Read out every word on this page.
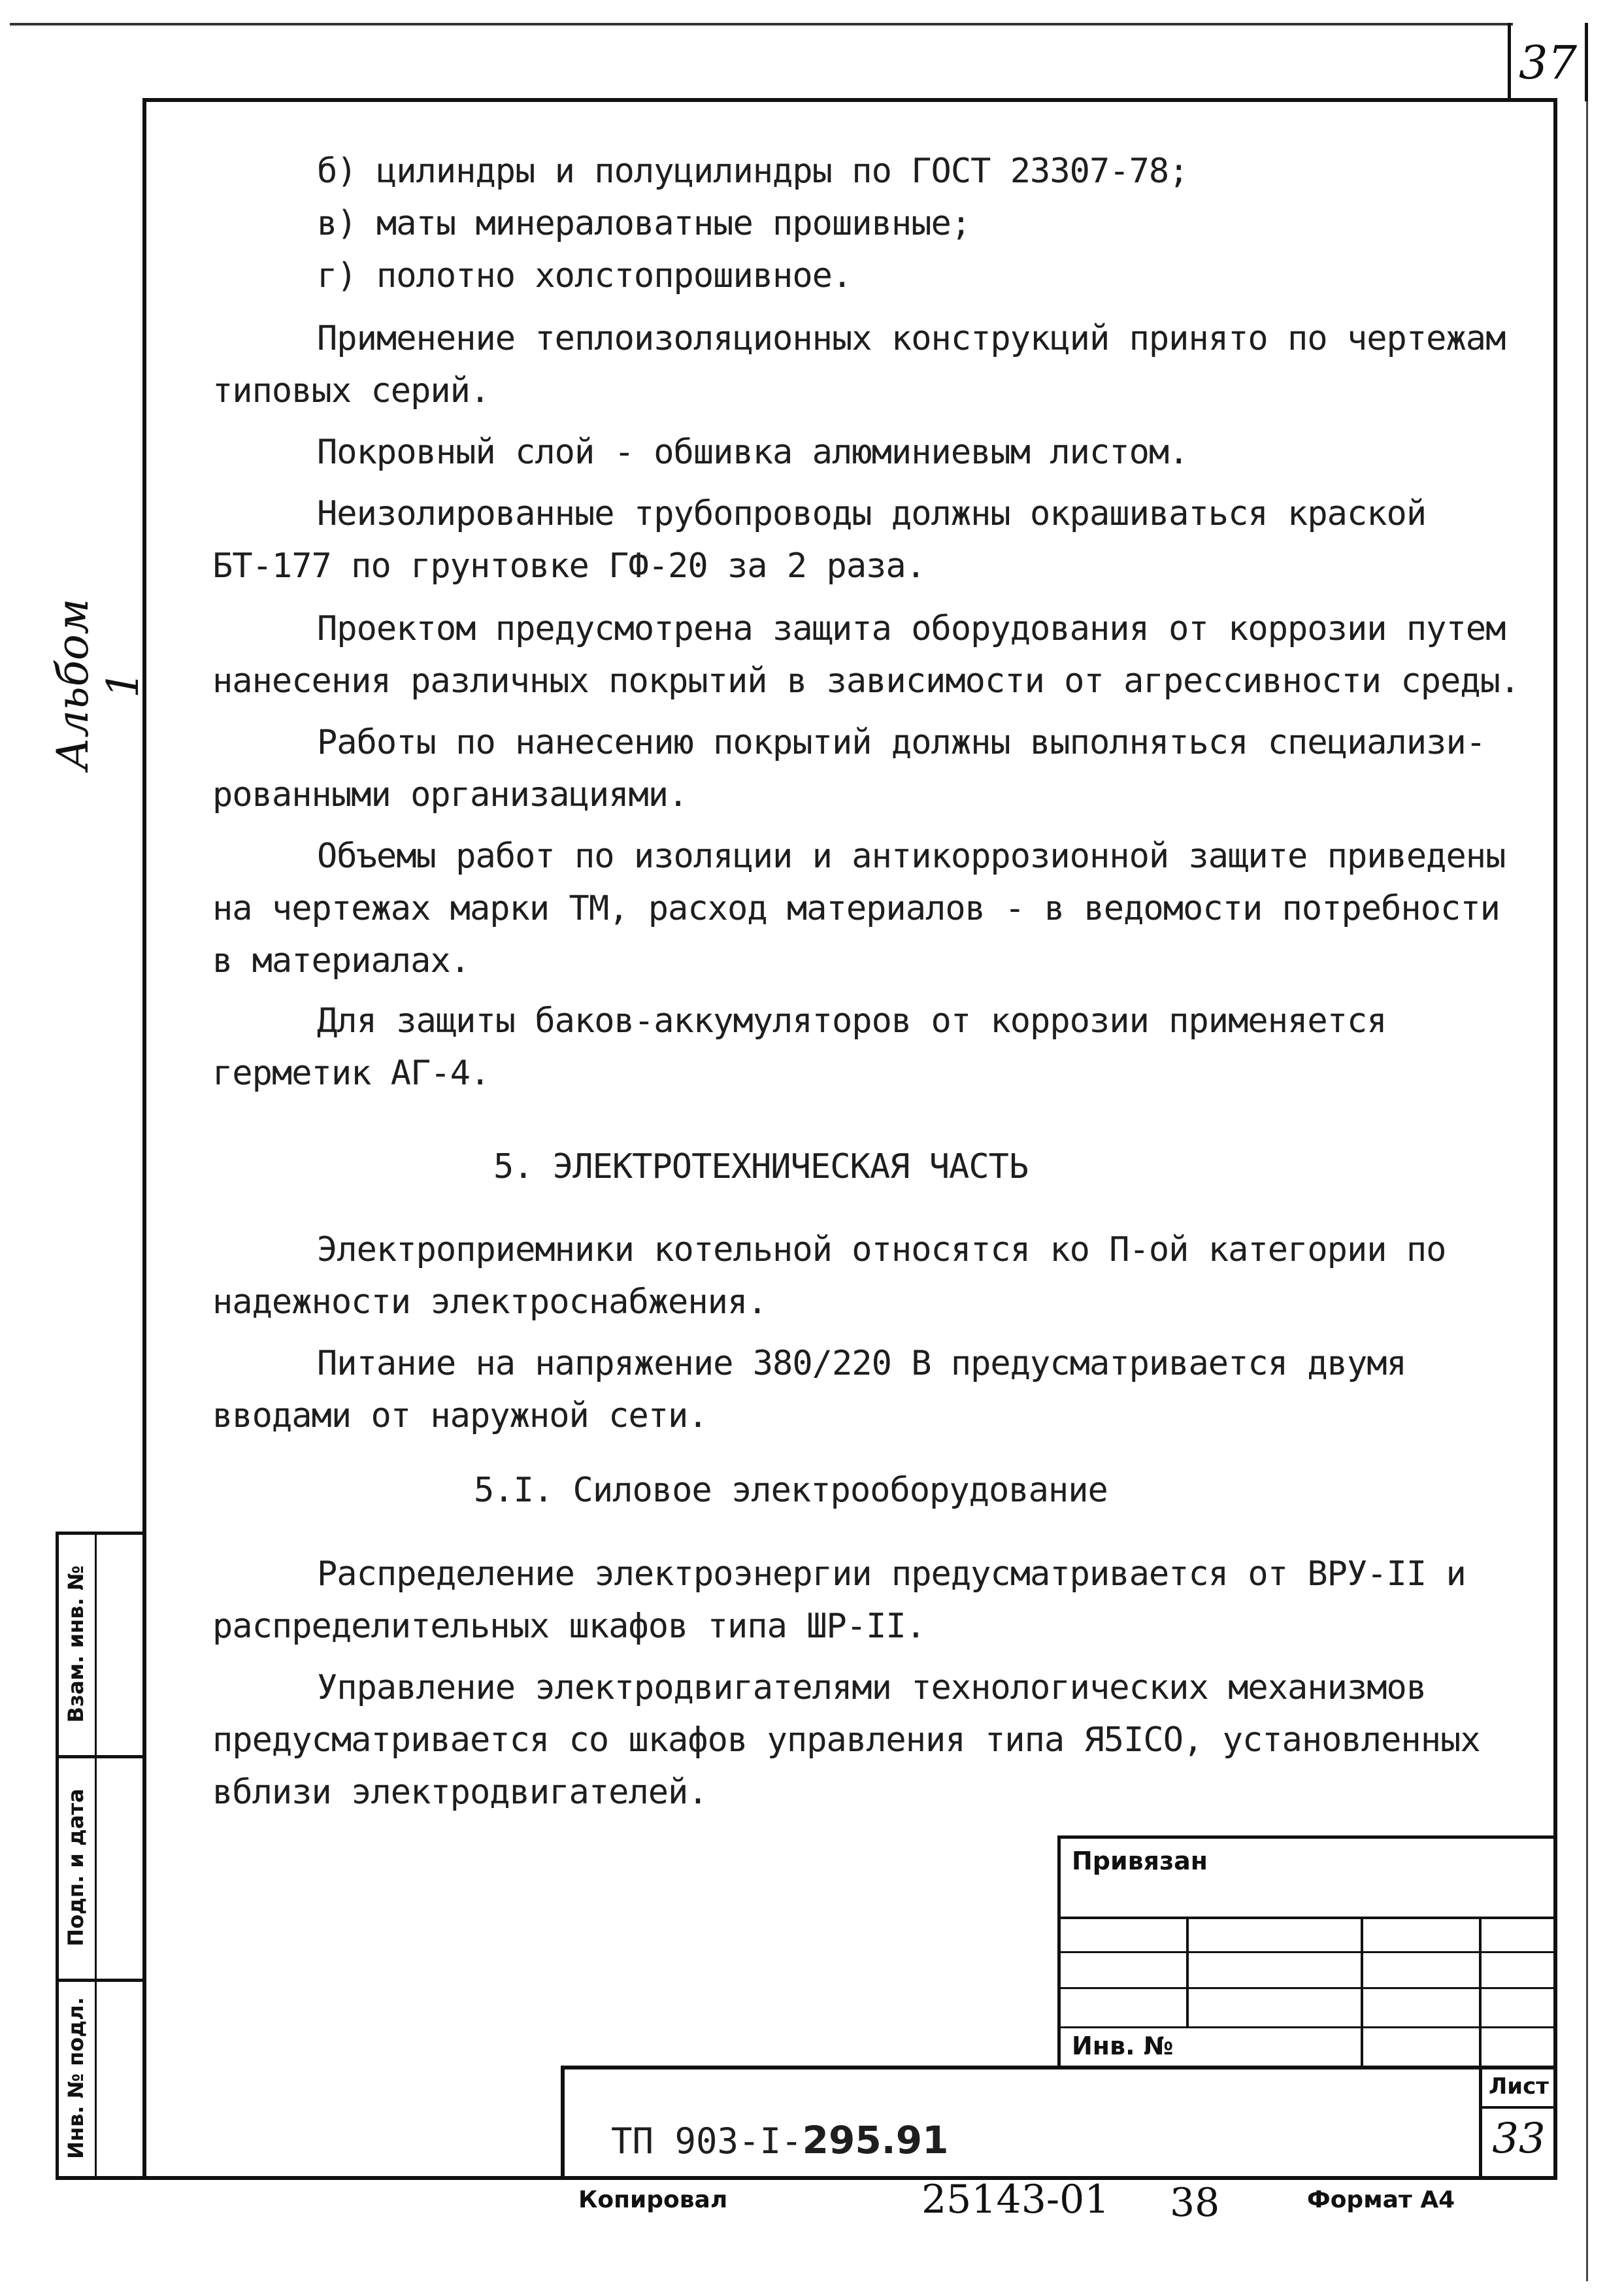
37
Альбом 1
б) цилиндры и полуцилиндры по ГОСТ 23307-78;
в) маты минераловатные прошивные;
г) полотно холстопрошивное.
Применение теплоизоляционных конструкций принято по чертежам
типовых серий.
Покровный слой - обшивка алюминиевым листом.
Неизолированные трубопроводы должны окрашиваться краской
БТ-177 по грунтовке ГФ-20 за 2 раза.
Проектом предусмотрена защита оборудования от коррозии путем
нанесения различных покрытий в зависимости от агрессивности среды.
Работы по нанесению покрытий должны выполняться специализи-
рованными организациями.
Объемы работ по изоляции и антикоррозионной защите приведены
на чертежах марки ТМ, расход материалов - в ведомости потребности
в материалах.
Для защиты баков-аккумуляторов от коррозии применяется
герметик АГ-4.
5. ЭЛЕКТРОТЕХНИЧЕСКАЯ ЧАСТЬ
Электроприемники котельной относятся ко П-ой категории по
надежности электроснабжения.
Питание на напряжение 380/220 В предусматривается двумя
вводами от наружной сети.
5.I. Силовое электрооборудование
Распределение электроэнергии предусматривается от ВРУ-II и
распределительных шкафов типа ШР-II.
Управление электродвигателями технологических механизмов
предусматривается со шкафов управления типа Я5IСО, установленных
вблизи электродвигателей.
Взам. инв. №
Подп. и дата
Инв. № подл.
Привязан
Инв. №
Лист
33
ТП 903-I-295.91
Копировал	25143-01 38	Формат А4
